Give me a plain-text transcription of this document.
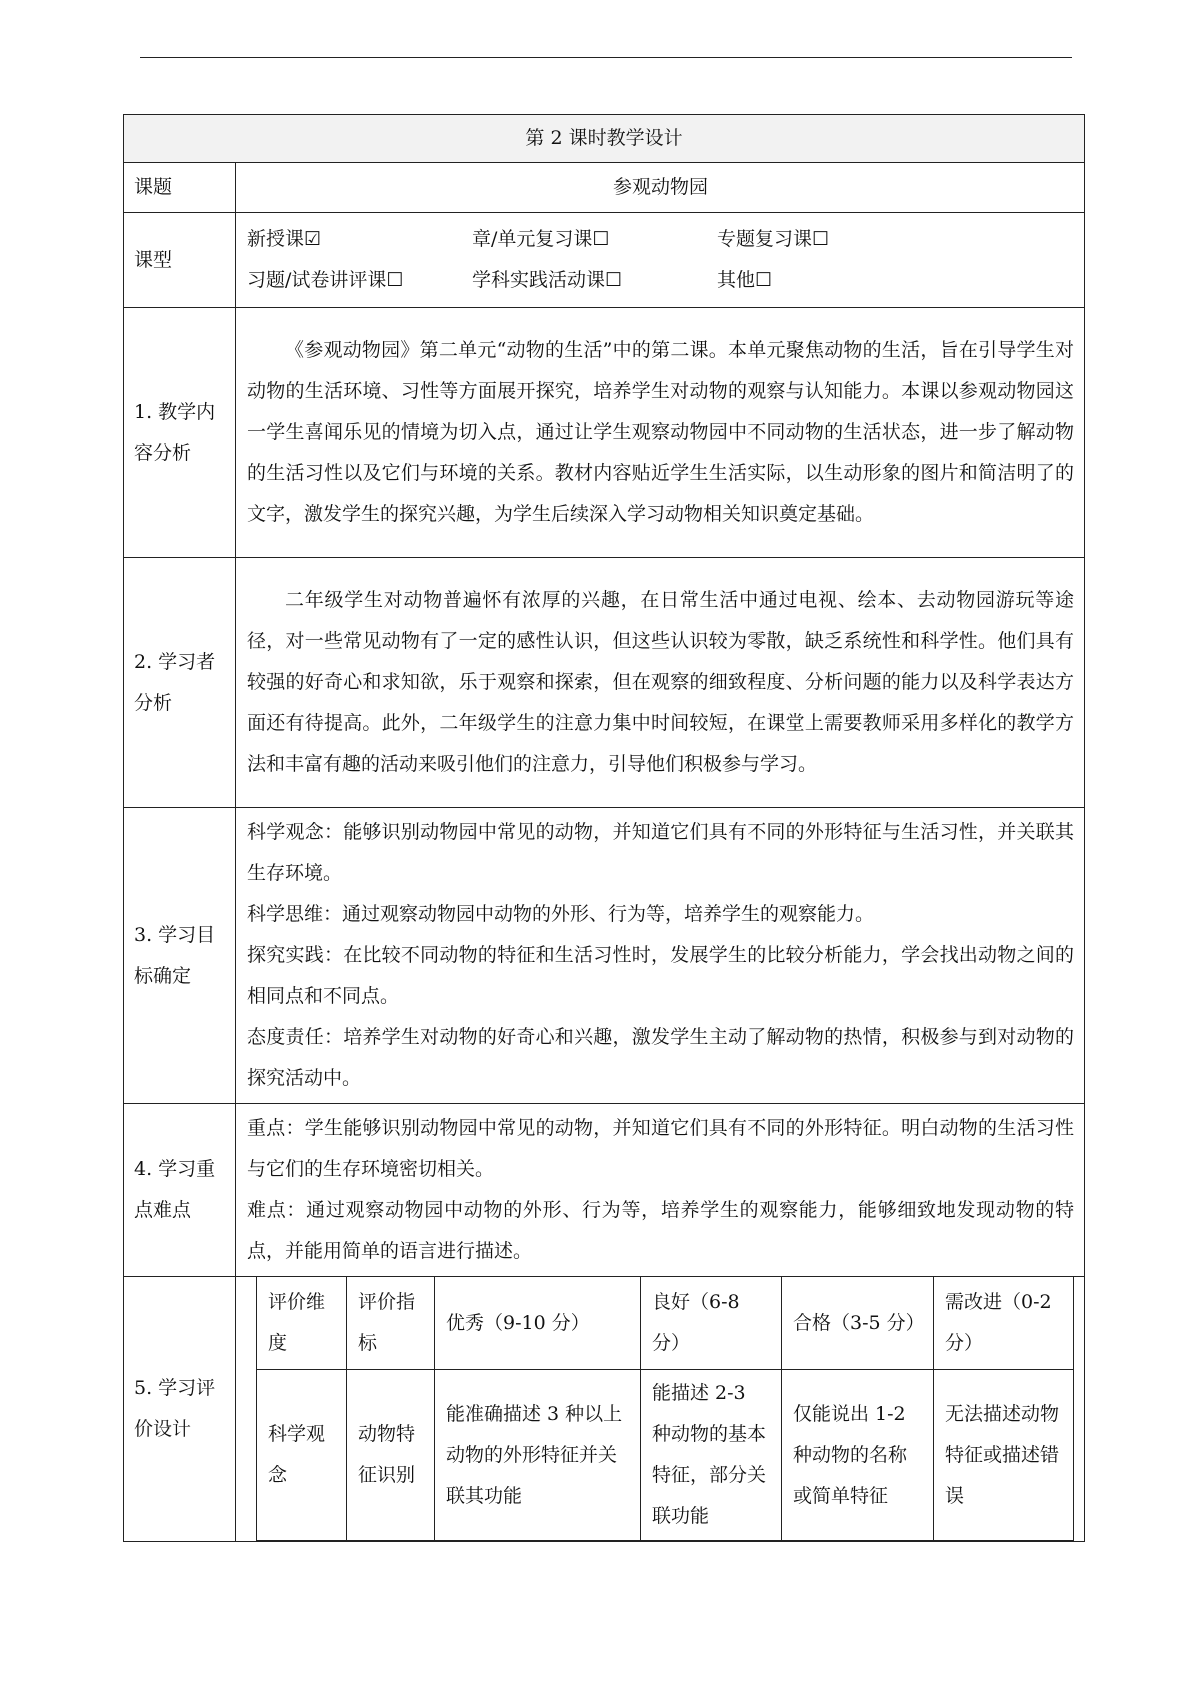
第 2 课时教学设计
课题	参观动物园
课型	
新授课☑	章/单元复习课☐	专题复习课☐
习题/试卷讲评课☐	学科实践活动课☐	其他☐

1. 教学内
容分析

《参观动物园》第二单元“动物的生活”中的第二课。本单元聚焦动物的生活，旨在引导学生对动物的生活环境、习性等方面展开探究，培养学生对动物的观察与认知能力。本课以参观动物园这一学生喜闻乐见的情境为切入点，通过让学生观察动物园中不同动物的生活状态，进一步了解动物的生活习性以及它们与环境的关系。教材内容贴近学生生活实际，以生动形象的图片和简洁明了的文字，激发学生的探究兴趣，为学生后续深入学习动物相关知识奠定基础。

2. 学习者
分析

二年级学生对动物普遍怀有浓厚的兴趣，在日常生活中通过电视、绘本、去动物园游玩等途径，对一些常见动物有了一定的感性认识，但这些认识较为零散，缺乏系统性和科学性。他们具有较强的好奇心和求知欲，乐于观察和探索，但在观察的细致程度、分析问题的能力以及科学表达方面还有待提高。此外，二年级学生的注意力集中时间较短，在课堂上需要教师采用多样化的教学方法和丰富有趣的活动来吸引他们的注意力，引导他们积极参与学习。

3. 学习目
标确定

科学观念：能够识别动物园中常见的动物，并知道它们具有不同的外形特征与生活习性，并关联其生存环境。

科学思维：通过观察动物园中动物的外形、行为等，培养学生的观察能力。

探究实践：在比较不同动物的特征和生活习性时，发展学生的比较分析能力，学会找出动物之间的相同点和不同点。

态度责任：培养学生对动物的好奇心和兴趣，激发学生主动了解动物的热情，积极参与到对动物的探究活动中。

4. 学习重
点难点

重点：学生能够识别动物园中常见的动物，并知道它们具有不同的外形特征。明白动物的生活习性与它们的生存环境密切相关。

难点：通过观察动物园中动物的外形、行为等，培养学生的观察能力，能够细致地发现动物的特点，并能用简单的语言进行描述。

5. 学习评
价设计

评价维度	评价指标	优秀（9-10 分）	良好（6-8 分）	合格（3-5 分）	需改进（0-2 分）
科学观念	动物特征识别	能准确描述 3 种以上动物的外形特征并关联其功能	能描述 2-3 种动物的基本特征，部分关联功能	仅能说出 1-2 种动物的名称或简单特征	无法描述动物特征或描述错误
